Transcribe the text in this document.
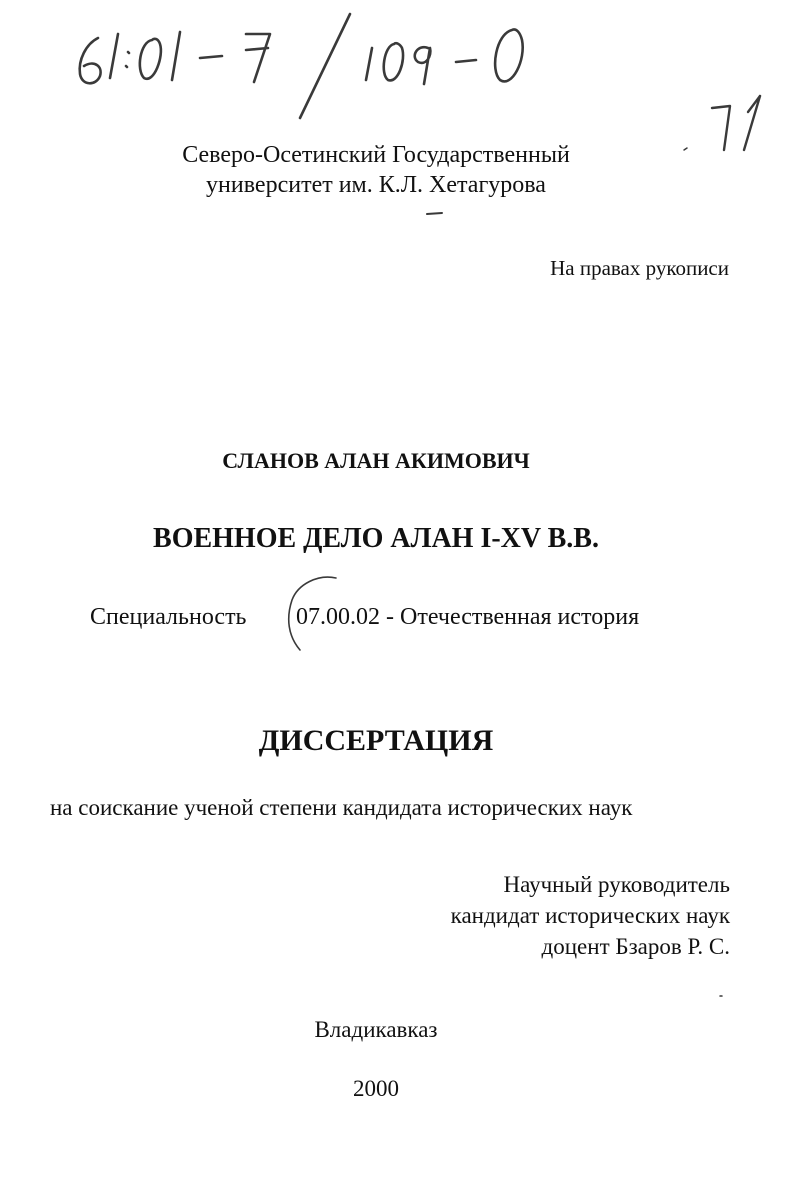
Северо-Осетинский Государственный
университет им. К.Л. Хетагурова
На правах рукописи
СЛАНОВ АЛАН АКИМОВИЧ
ВОЕННОЕ ДЕЛО АЛАН I-XV В.В.
Специальность 07.00.02 - Отечественная история
ДИССЕРТАЦИЯ
на соискание ученой степени кандидата исторических наук
Научный руководитель
кандидат исторических наук
доцент Бзаров Р. С.
Владикавказ
2000
